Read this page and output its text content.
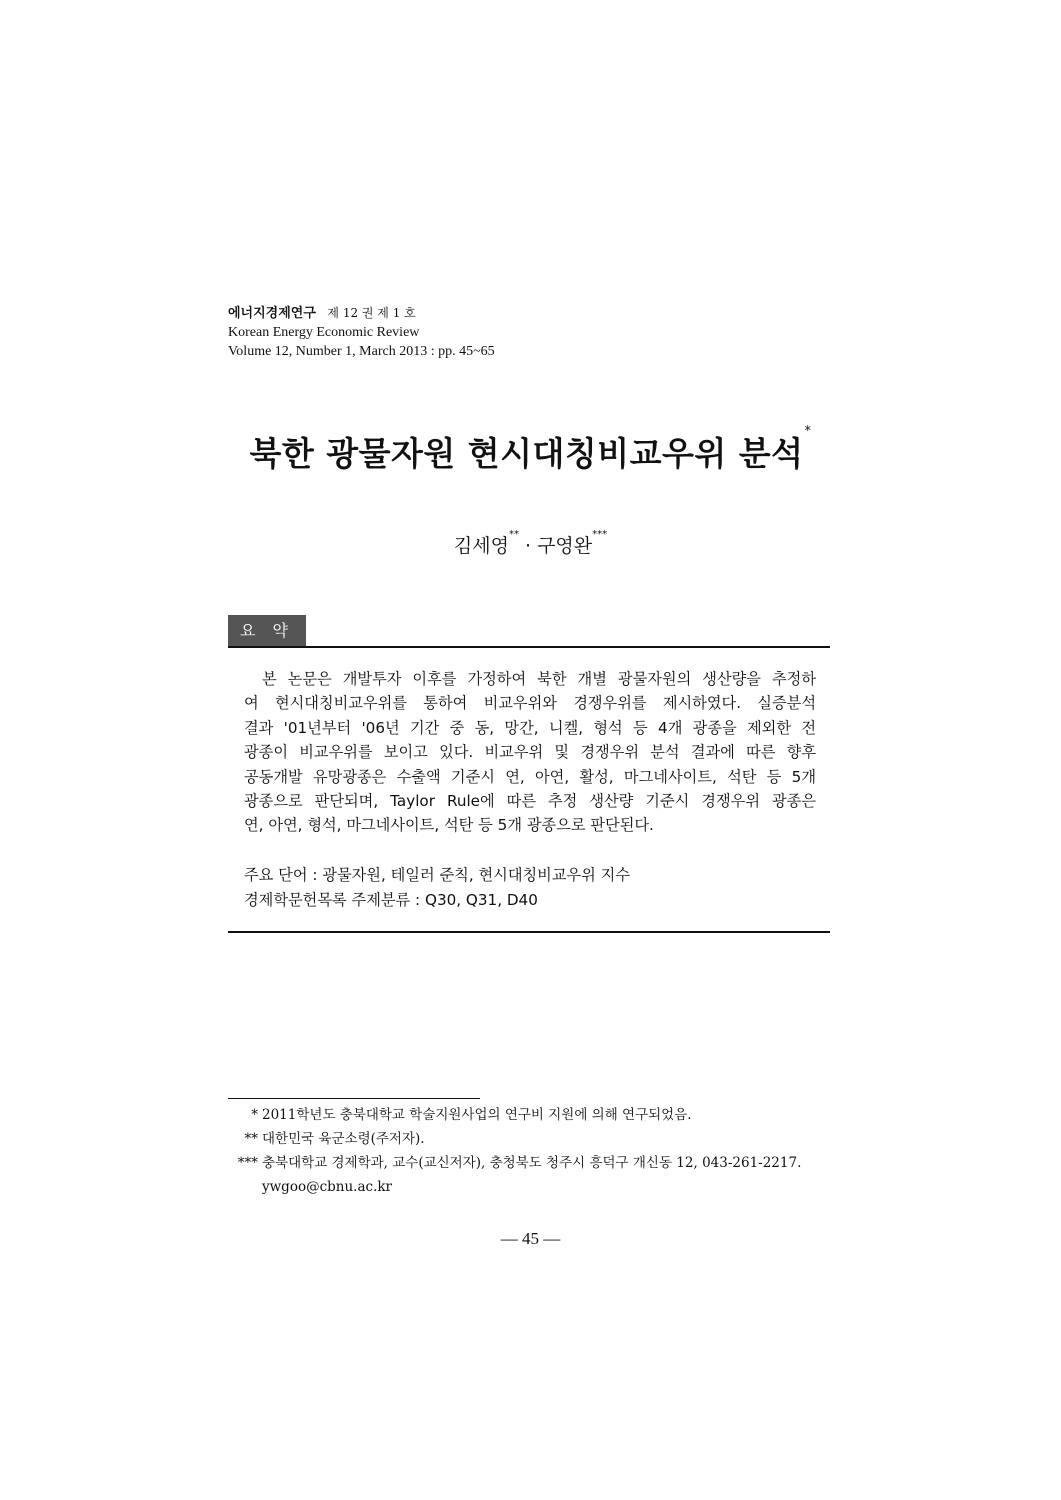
에너지경제연구 제 12 권 제 1 호
Korean Energy Economic Review
Volume 12, Number 1, March 2013 : pp. 45~65
북한 광물자원 현시대칭비교우위 분석*
김세영** · 구영완***
요 약
본 논문은 개발투자 이후를 가정하여 북한 개별 광물자원의 생산량을 추정하
여 현시대칭비교우위를 통하여 비교우위와 경쟁우위를 제시하였다. 실증분석
결과 '01년부터 '06년 기간 중 동, 망간, 니켈, 형석 등 4개 광종을 제외한 전
광종이 비교우위를 보이고 있다. 비교우위 및 경쟁우위 분석 결과에 따른 향후
공동개발 유망광종은 수출액 기준시 연, 아연, 활성, 마그네사이트, 석탄 등 5개
광종으로 판단되며, Taylor Rule에 따른 추정 생산량 기준시 경쟁우위 광종은
연, 아연, 형석, 마그네사이트, 석탄 등 5개 광종으로 판단된다.
주요 단어 : 광물자원, 테일러 준칙, 현시대칭비교우위 지수
경제학문헌목록 주제분류 : Q30, Q31, D40
* 2011학년도 충북대학교 학술지원사업의 연구비 지원에 의해 연구되었음.
** 대한민국 육군소령(주저자).
*** 충북대학교 경제학과, 교수(교신저자), 충청북도 청주시 흥덕구 개신동 12, 043-261-2217.
ywgoo@cbnu.ac.kr
— 45 —
